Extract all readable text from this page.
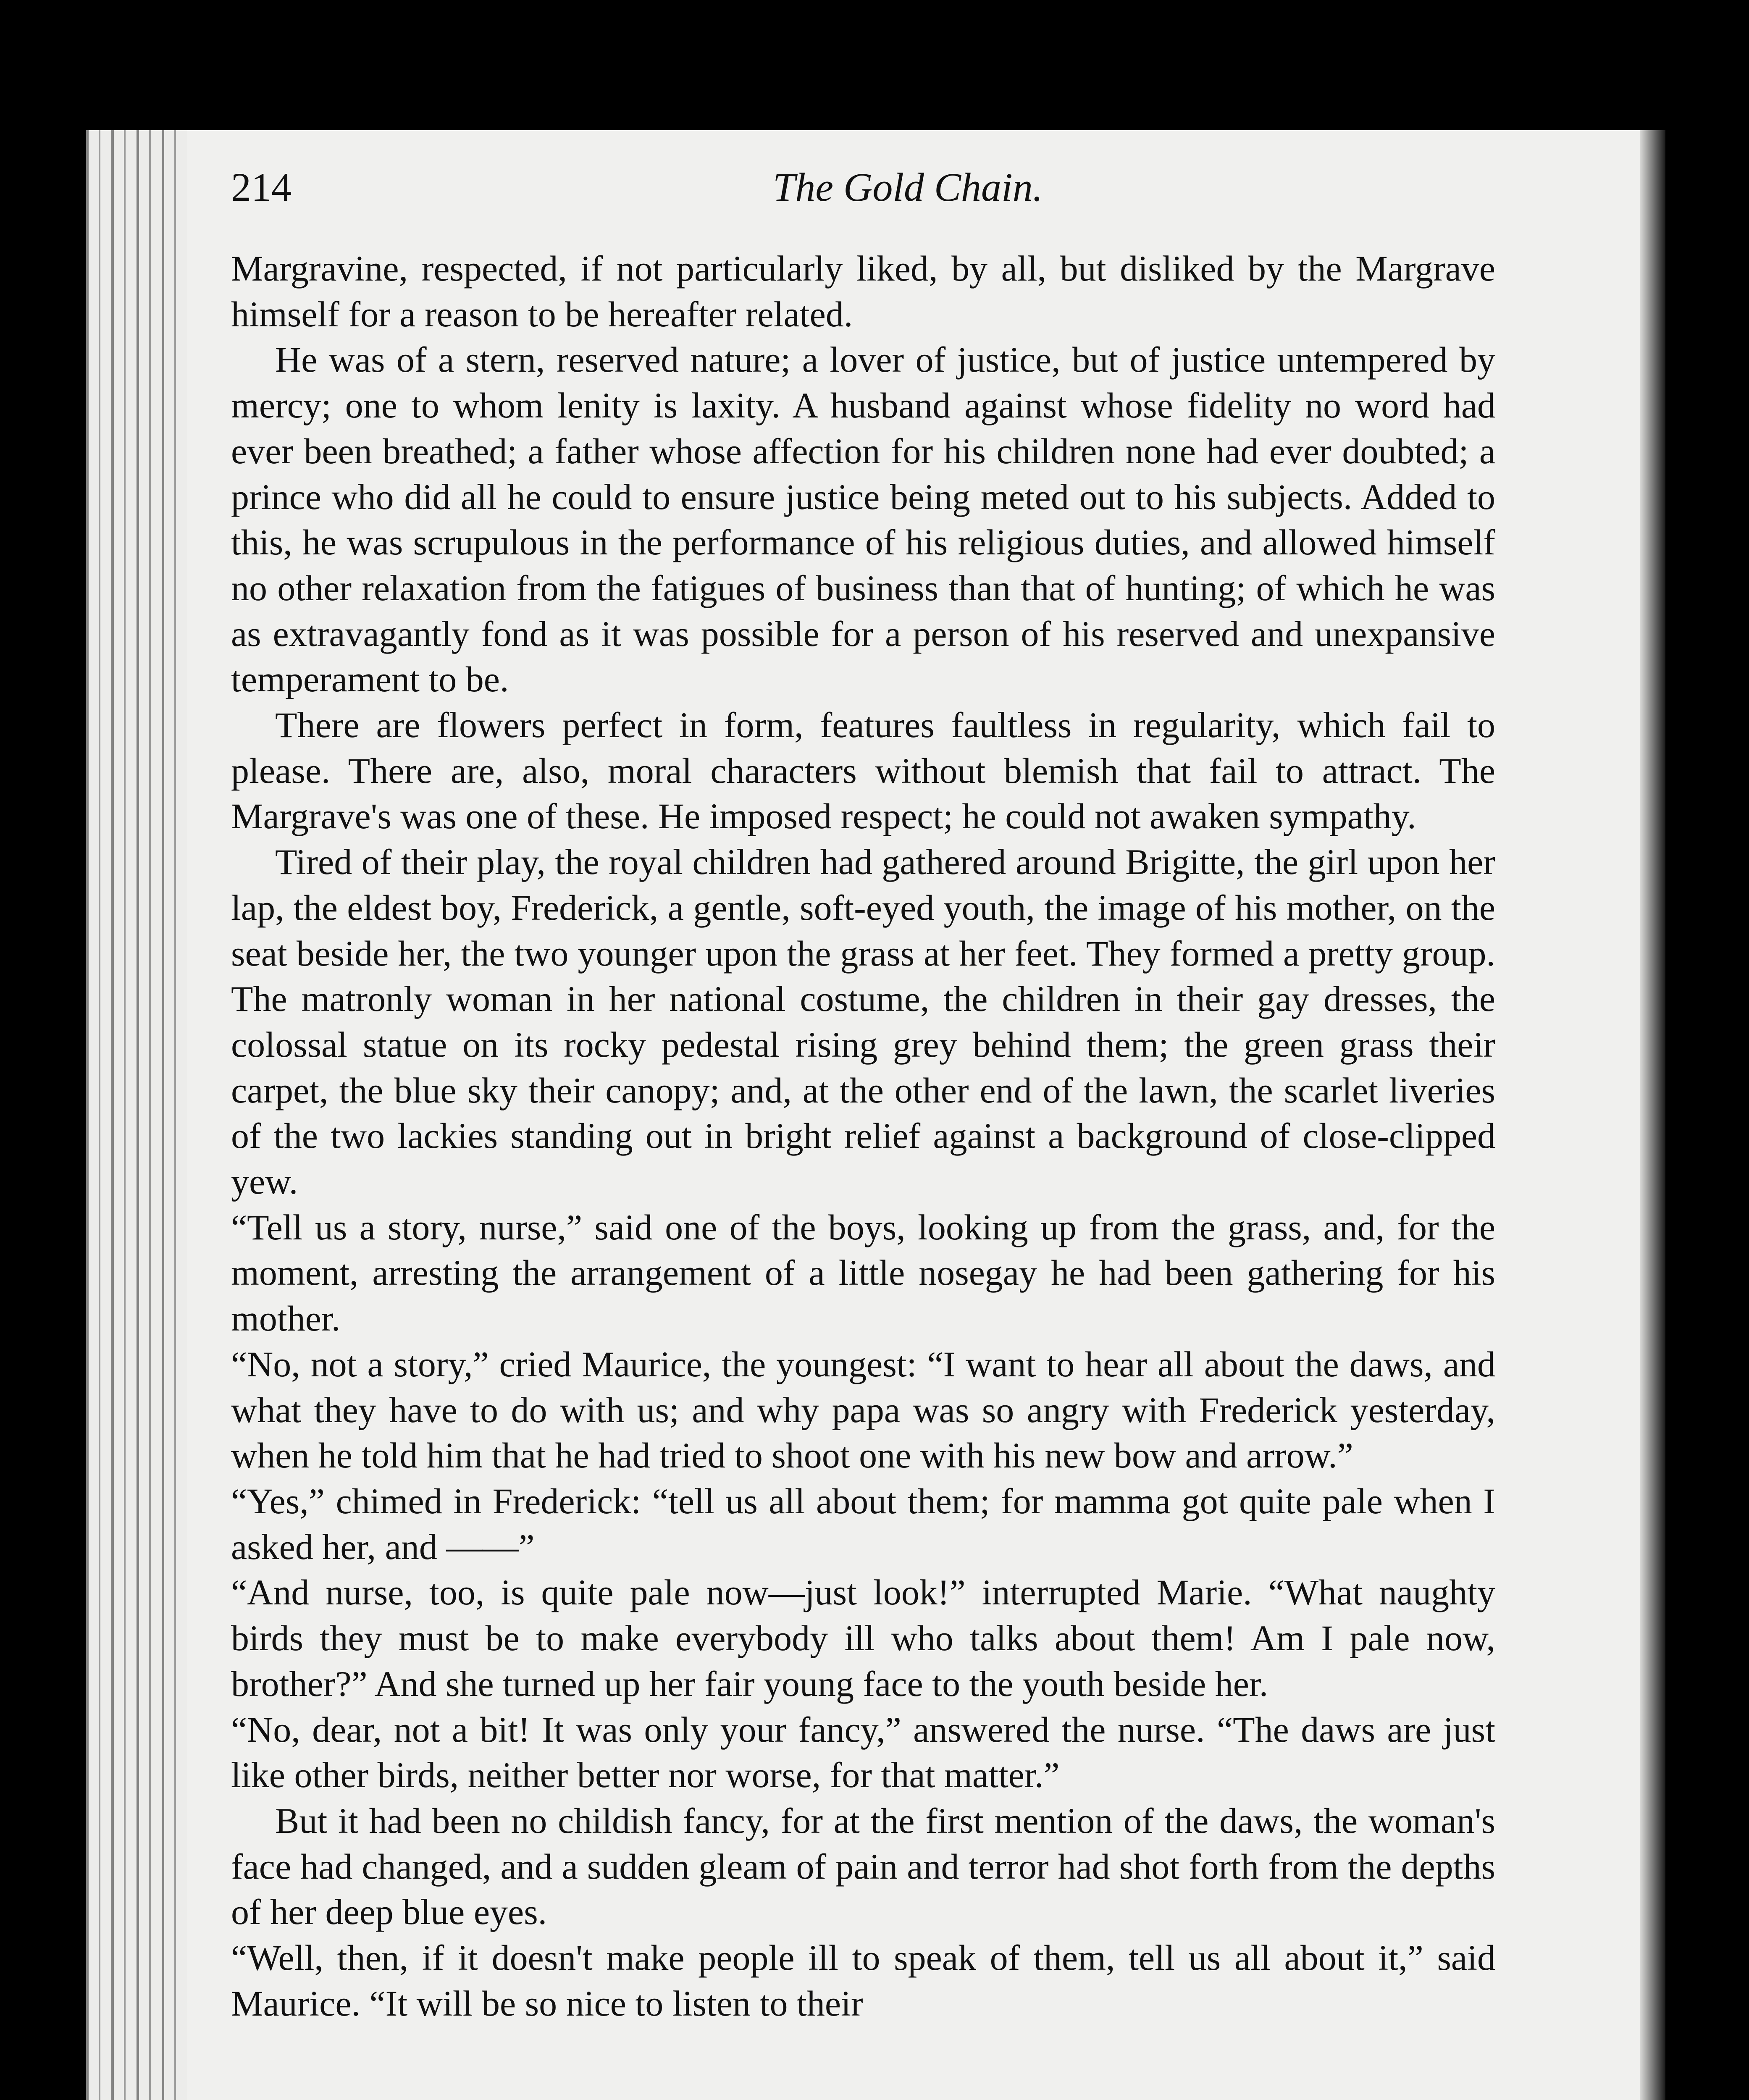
214	The Gold Chain.

Margravine, respected, if not particularly liked, by all, but disliked by the Margrave himself for a reason to be hereafter related.

He was of a stern, reserved nature; a lover of justice, but of justice untempered by mercy; one to whom lenity is laxity. A husband against whose fidelity no word had ever been breathed; a father whose affection for his children none had ever doubted; a prince who did all he could to ensure justice being meted out to his subjects. Added to this, he was scrupulous in the performance of his religious duties, and allowed himself no other relaxation from the fatigues of business than that of hunting; of which he was as extravagantly fond as it was possible for a person of his reserved and unexpansive temperament to be.

There are flowers perfect in form, features faultless in regularity, which fail to please. There are, also, moral characters without blemish that fail to attract. The Margrave's was one of these. He imposed respect; he could not awaken sympathy.

Tired of their play, the royal children had gathered around Brigitte, the girl upon her lap, the eldest boy, Frederick, a gentle, soft-eyed youth, the image of his mother, on the seat beside her, the two younger upon the grass at her feet. They formed a pretty group. The matronly woman in her national costume, the children in their gay dresses, the colossal statue on its rocky pedestal rising grey behind them; the green grass their carpet, the blue sky their canopy; and, at the other end of the lawn, the scarlet liveries of the two lackies standing out in bright relief against a background of close-clipped yew.

“Tell us a story, nurse,” said one of the boys, looking up from the grass, and, for the moment, arresting the arrangement of a little nosegay he had been gathering for his mother.

“No, not a story,” cried Maurice, the youngest: “I want to hear all about the daws, and what they have to do with us; and why papa was so angry with Frederick yesterday, when he told him that he had tried to shoot one with his new bow and arrow.”

“Yes,” chimed in Frederick: “tell us all about them; for mamma got quite pale when I asked her, and ——”

“And nurse, too, is quite pale now—just look!” interrupted Marie. “What naughty birds they must be to make everybody ill who talks about them! Am I pale now, brother?” And she turned up her fair young face to the youth beside her.

“No, dear, not a bit! It was only your fancy,” answered the nurse. “The daws are just like other birds, neither better nor worse, for that matter.”

But it had been no childish fancy, for at the first mention of the daws, the woman's face had changed, and a sudden gleam of pain and terror had shot forth from the depths of her deep blue eyes.

“Well, then, if it doesn't make people ill to speak of them, tell us all about it,” said Maurice. “It will be so nice to listen to their
